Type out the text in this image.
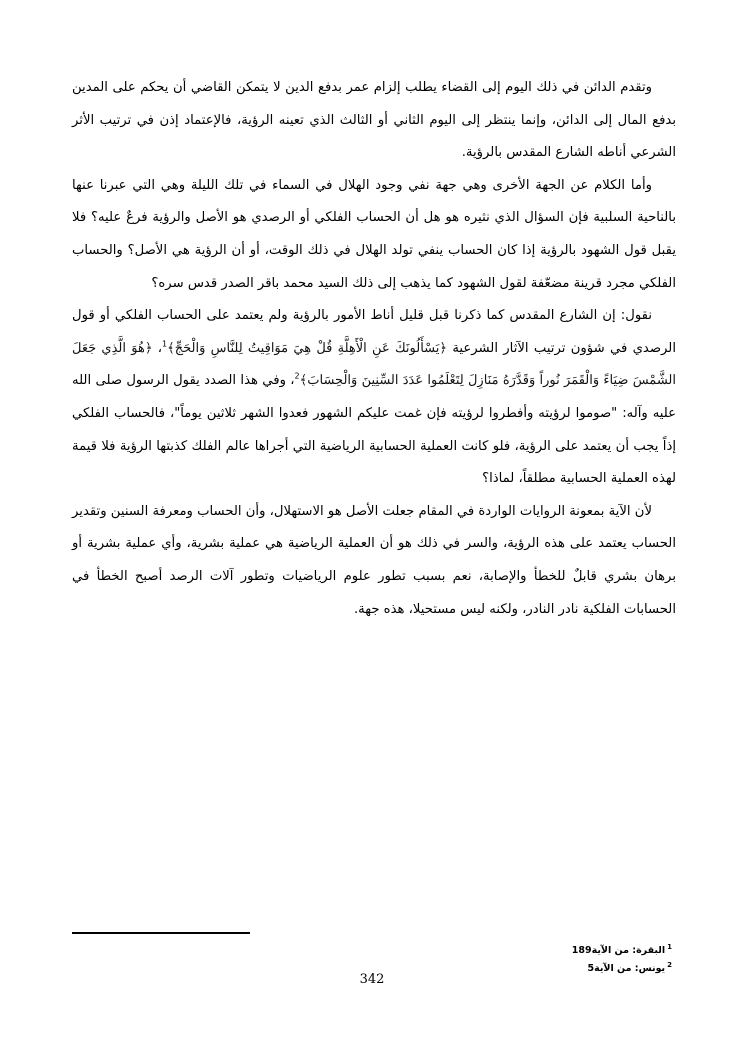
وتقدم الدائن في ذلك اليوم إلى القضاء يطلب إلزام عمر بدفع الدين لا يتمكن القاضي أن يحكم على المدين بدفع المال إلى الدائن، وإنما ينتظر إلى اليوم الثاني أو الثالث الذي تعينه الرؤية، فالإعتماد إذن في ترتيب الأثر الشرعي أناطه الشارع المقدس بالرؤية.

وأما الكلام عن الجهة الأخرى وهي جهة نفي وجود الهلال في السماء في تلك الليلة وهي التي عبرنا عنها بالناحية السلبية فإن السؤال الذي نثيره هو هل أن الحساب الفلكي أو الرصدي هو الأصل والرؤية فرعٌ عليه؟ فلا يقبل قول الشهود بالرؤية إذا كان الحساب ينفي تولد الهلال في ذلك الوقت، أو أن الرؤية هي الأصل؟ والحساب الفلكي مجرد قرينة مضعّفة لقول الشهود كما يذهب إلى ذلك السيد محمد باقر الصدر قدس سره؟

نقول: إن الشارع المقدس كما ذكرنا قبل قليل أناط الأمور بالرؤية ولم يعتمد على الحساب الفلكي أو قول الرصدي في شؤون ترتيب الآثار الشرعية ﴿يَسْأَلُونَكَ عَنِ الْأَهِلَّةِ قُلْ هِيَ مَوَاقِيتُ لِلنَّاسِ وَالْحَجِّ﴾$^1$، ﴿هُوَ الَّذِي جَعَلَ الشَّمْسَ ضِيَاءً وَالْقَمَرَ نُوراً وَقَدَّرَهُ مَنَازِلَ لِتَعْلَمُوا عَدَدَ السِّنِينَ وَالْحِسَابَ﴾$^2$، وفي هذا الصدد يقول الرسول صلى الله عليه وآله: "صوموا لرؤيته وأفطروا لرؤيته فإن غمت عليكم الشهور فعدوا الشهر ثلاثين يوماً"، فالحساب الفلكي إذاً يجب أن يعتمد على الرؤية، فلو كانت العملية الحسابية الرياضية التي أجراها عالم الفلك كذبتها الرؤية فلا قيمة لهذه العملية الحسابية مطلقاً، لماذا؟

لأن الآية بمعونة الروايات الواردة في المقام جعلت الأصل هو الاستهلال، وأن الحساب ومعرفة السنين وتقدير الحساب يعتمد على هذه الرؤية، والسر في ذلك هو أن العملية الرياضية هي عملية بشرية، وأي عملية بشرية أو برهان بشري قابلٌ للخطأ والإصابة، نعم بسبب تطور علوم الرياضيات وتطور آلات الرصد أصبح الخطأ في الحسابات الفلكية نادر النادر، ولكنه ليس مستحيلا، هذه جهة.

$^1$البقرة: من الآية189
$^2$يونس: من الآية5
342
